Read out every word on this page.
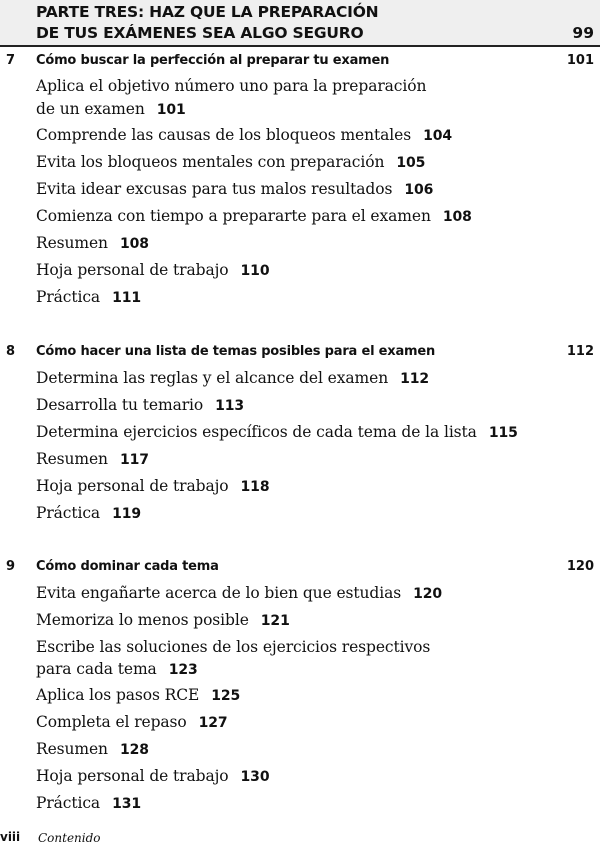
PARTE TRES: HAZ QUE LA PREPARACIÓN
DE TUS EXÁMENES SEA ALGO SEGURO	99
7 Cómo buscar la perfección al preparar tu examen	101
Aplica el objetivo número uno para la preparación
de un examen 101
Comprende las causas de los bloqueos mentales 104
Evita los bloqueos mentales con preparación 105
Evita idear excusas para tus malos resultados 106
Comienza con tiempo a prepararte para el examen 108
Resumen 108
Hoja personal de trabajo 110
Práctica 111
8 Cómo hacer una lista de temas posibles para el examen	112
Determina las reglas y el alcance del examen 112
Desarrolla tu temario 113
Determina ejercicios específicos de cada tema de la lista 115
Resumen 117
Hoja personal de trabajo 118
Práctica 119
9 Cómo dominar cada tema	120
Evita engañarte acerca de lo bien que estudias 120
Memoriza lo menos posible 121
Escribe las soluciones de los ejercicios respectivos
para cada tema 123
Aplica los pasos RCE 125
Completa el repaso 127
Resumen 128
Hoja personal de trabajo 130
Práctica 131
viii Contenido
